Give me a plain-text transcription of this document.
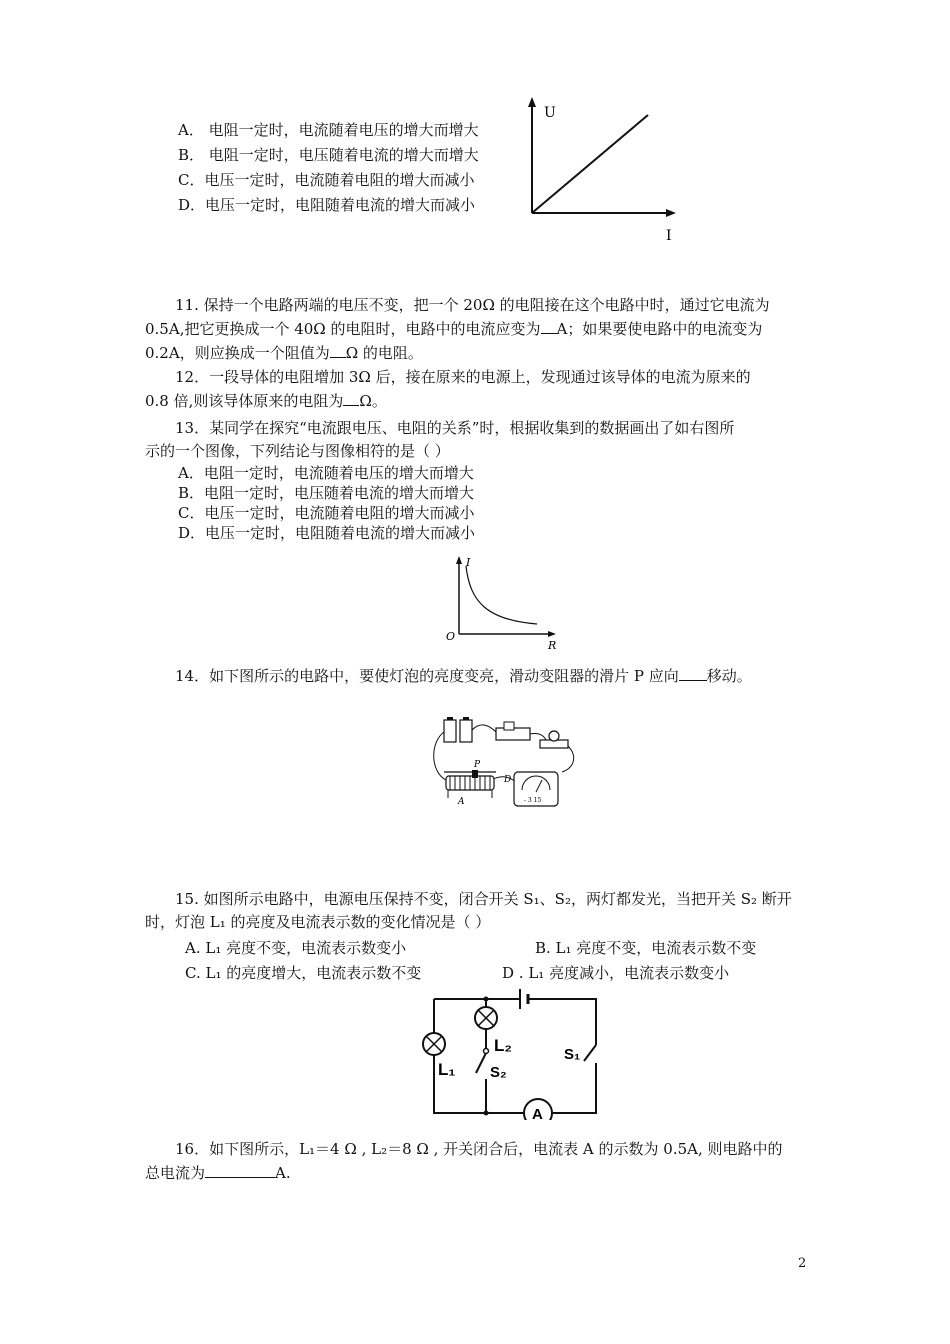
A． 电阻一定时，电流随着电压的增大而增大
B． 电阻一定时，电压随着电流的增大而增大
C．电压一定时，电流随着电阻的增大而减小
D．电压一定时，电阻随着电流的增大而减小
U
I

11. 保持一个电路两端的电压不变，把一个 20Ω 的电阻接在这个电路中时，通过它电流为

0.5A,把它更换成一个 40Ω 的电阻时，电路中的电流应变为 A；如果要使电路中的电流变为

0.2A，则应换成一个阻值为 Ω 的电阻。

12．一段导体的电阻增加 3Ω 后，接在原来的电源上，发现通过该导体的电流为原来的

0.8 倍,则该导体原来的电阻为 Ω。

13．某同学在探究“电流跟电压、电阻的关系”时，根据收集到的数据画出了如右图所

示的一个图像，下列结论与图像相符的是（ ）

A．电阻一定时，电流随着电压的增大而增大
B．电阻一定时，电压随着电流的增大而增大
C．电压一定时，电流随着电阻的增大而减小
D．电压一定时，电阻随着电流的增大而减小
I
R
O

14．如下图所示的电路中，要使灯泡的亮度变亮，滑动变阻器的滑片 P 应向 移动。

P
A
D
- 3 15

15. 如图所示电路中，电源电压保持不变，闭合开关 S₁、S₂，两灯都发光，当把开关 S₂ 断开

时，灯泡 L₁ 的亮度及电流表示数的变化情况是（ ）

A. L₁ 亮度不变，电流表示数变小	B. L₁ 亮度不变，电流表示数不变
C. L₁ 的亮度增大，电流表示数不变	D . L₁ 亮度减小，电流表示数变小
L₁
L₂
S₂
S₁
A

16．如下图所示，L₁＝4 Ω , L₂＝8 Ω , 开关闭合后，电流表 A 的示数为 0.5A, 则电路中的

总电流为	A.

2
